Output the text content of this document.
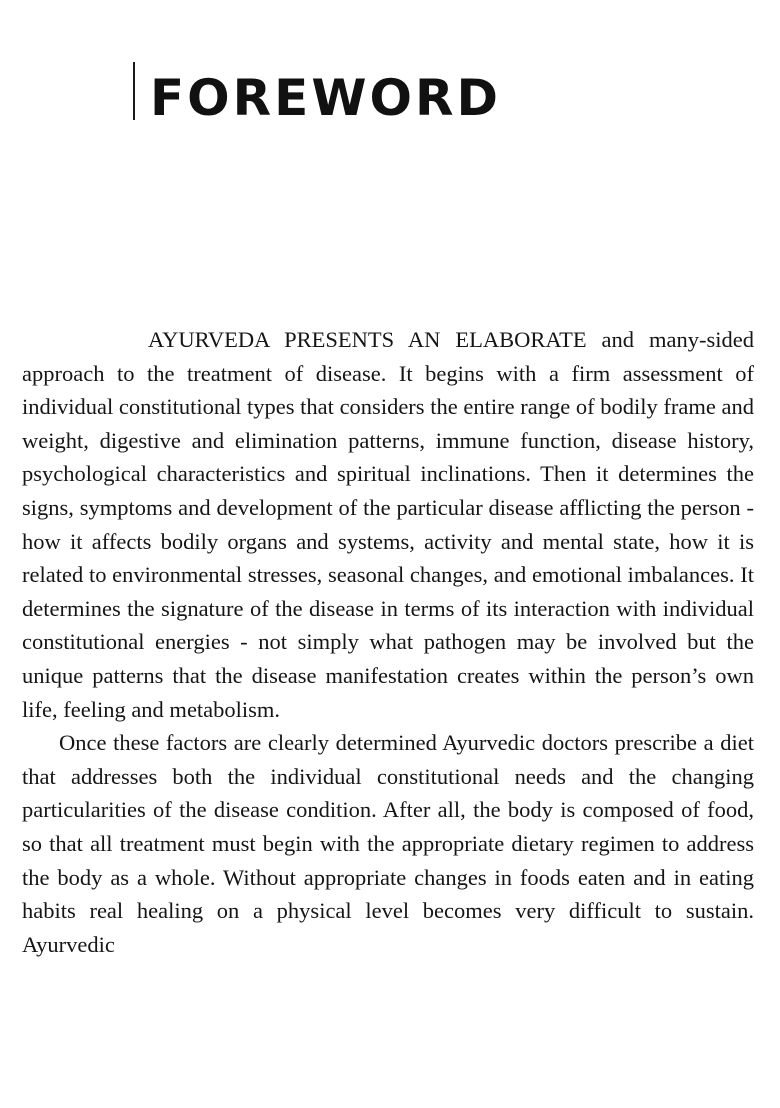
FOREWORD

AYURVEDA PRESENTS AN ELABORATE and many-sided approach to the treatment of disease. It begins with a firm assessment of individual constitutional types that considers the entire range of bodily frame and weight, digestive and elimination patterns, immune function, disease history, psychological characteristics and spiritual inclinations. Then it determines the signs, symptoms and development of the particular disease afflicting the person - how it affects bodily organs and systems, activity and mental state, how it is related to environmental stresses, seasonal changes, and emotional imbalances. It determines the signature of the disease in terms of its interaction with individual constitutional energies - not simply what pathogen may be involved but the unique patterns that the disease manifestation creates within the person’s own life, feeling and metabolism.

Once these factors are clearly determined Ayurvedic doctors prescribe a diet that addresses both the individual constitutional needs and the changing particularities of the disease condition. After all, the body is composed of food, so that all treatment must begin with the appropriate dietary regimen to address the body as a whole. Without appropriate changes in foods eaten and in eating habits real healing on a physical level becomes very difficult to sustain. Ayurvedic
